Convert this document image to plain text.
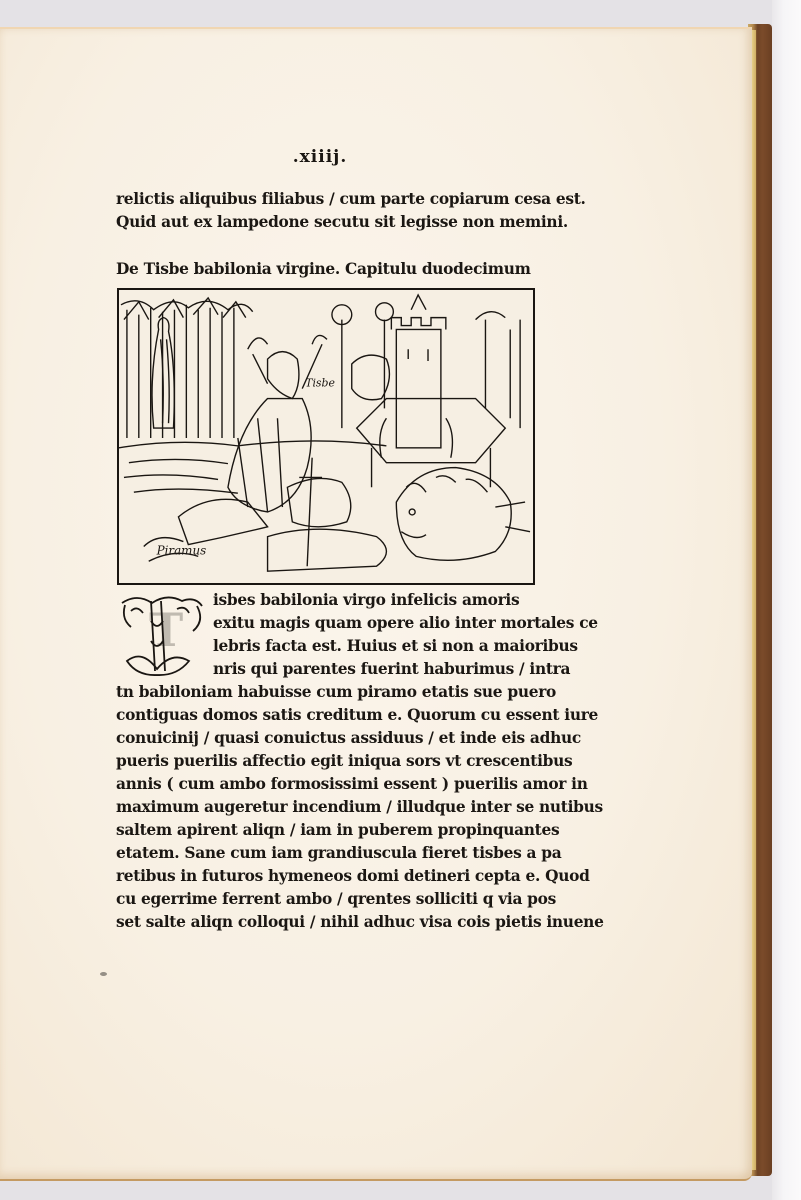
.xiiij.
relictis aliquibus filiabus / cum parte copiarum cesa est.
Quid aut ex lampedone secutu sit legisse non memini.
De Tisbe babilonia virgine. Capitulu duodecimum
Tisbe
Piramus
T
isbes babilonia virgo infelicis amoris
exitu magis quam opere alio inter mortales ce
lebris facta est. Huius et si non a maioribus
nris qui parentes fuerint haburimus / intra
tn babiloniam habuisse cum piramo etatis sue puero
contiguas domos satis creditum e. Quorum cu essent iure
conuicinij / quasi conuictus assiduus / et inde eis adhuc
pueris puerilis affectio egit iniqua sors vt crescentibus
annis ( cum ambo formosissimi essent ) puerilis amor in
maximum augeretur incendium / illudque inter se nutibus
saltem apirent aliqn / iam in puberem propinquantes
etatem. Sane cum iam grandiuscula fieret tisbes a pa
retibus in futuros hymeneos domi detineri cepta e. Quod
cu egerrime ferrent ambo / qrentes solliciti q via pos
set salte aliqn colloqui / nihil adhuc visa cois pietis inuene
